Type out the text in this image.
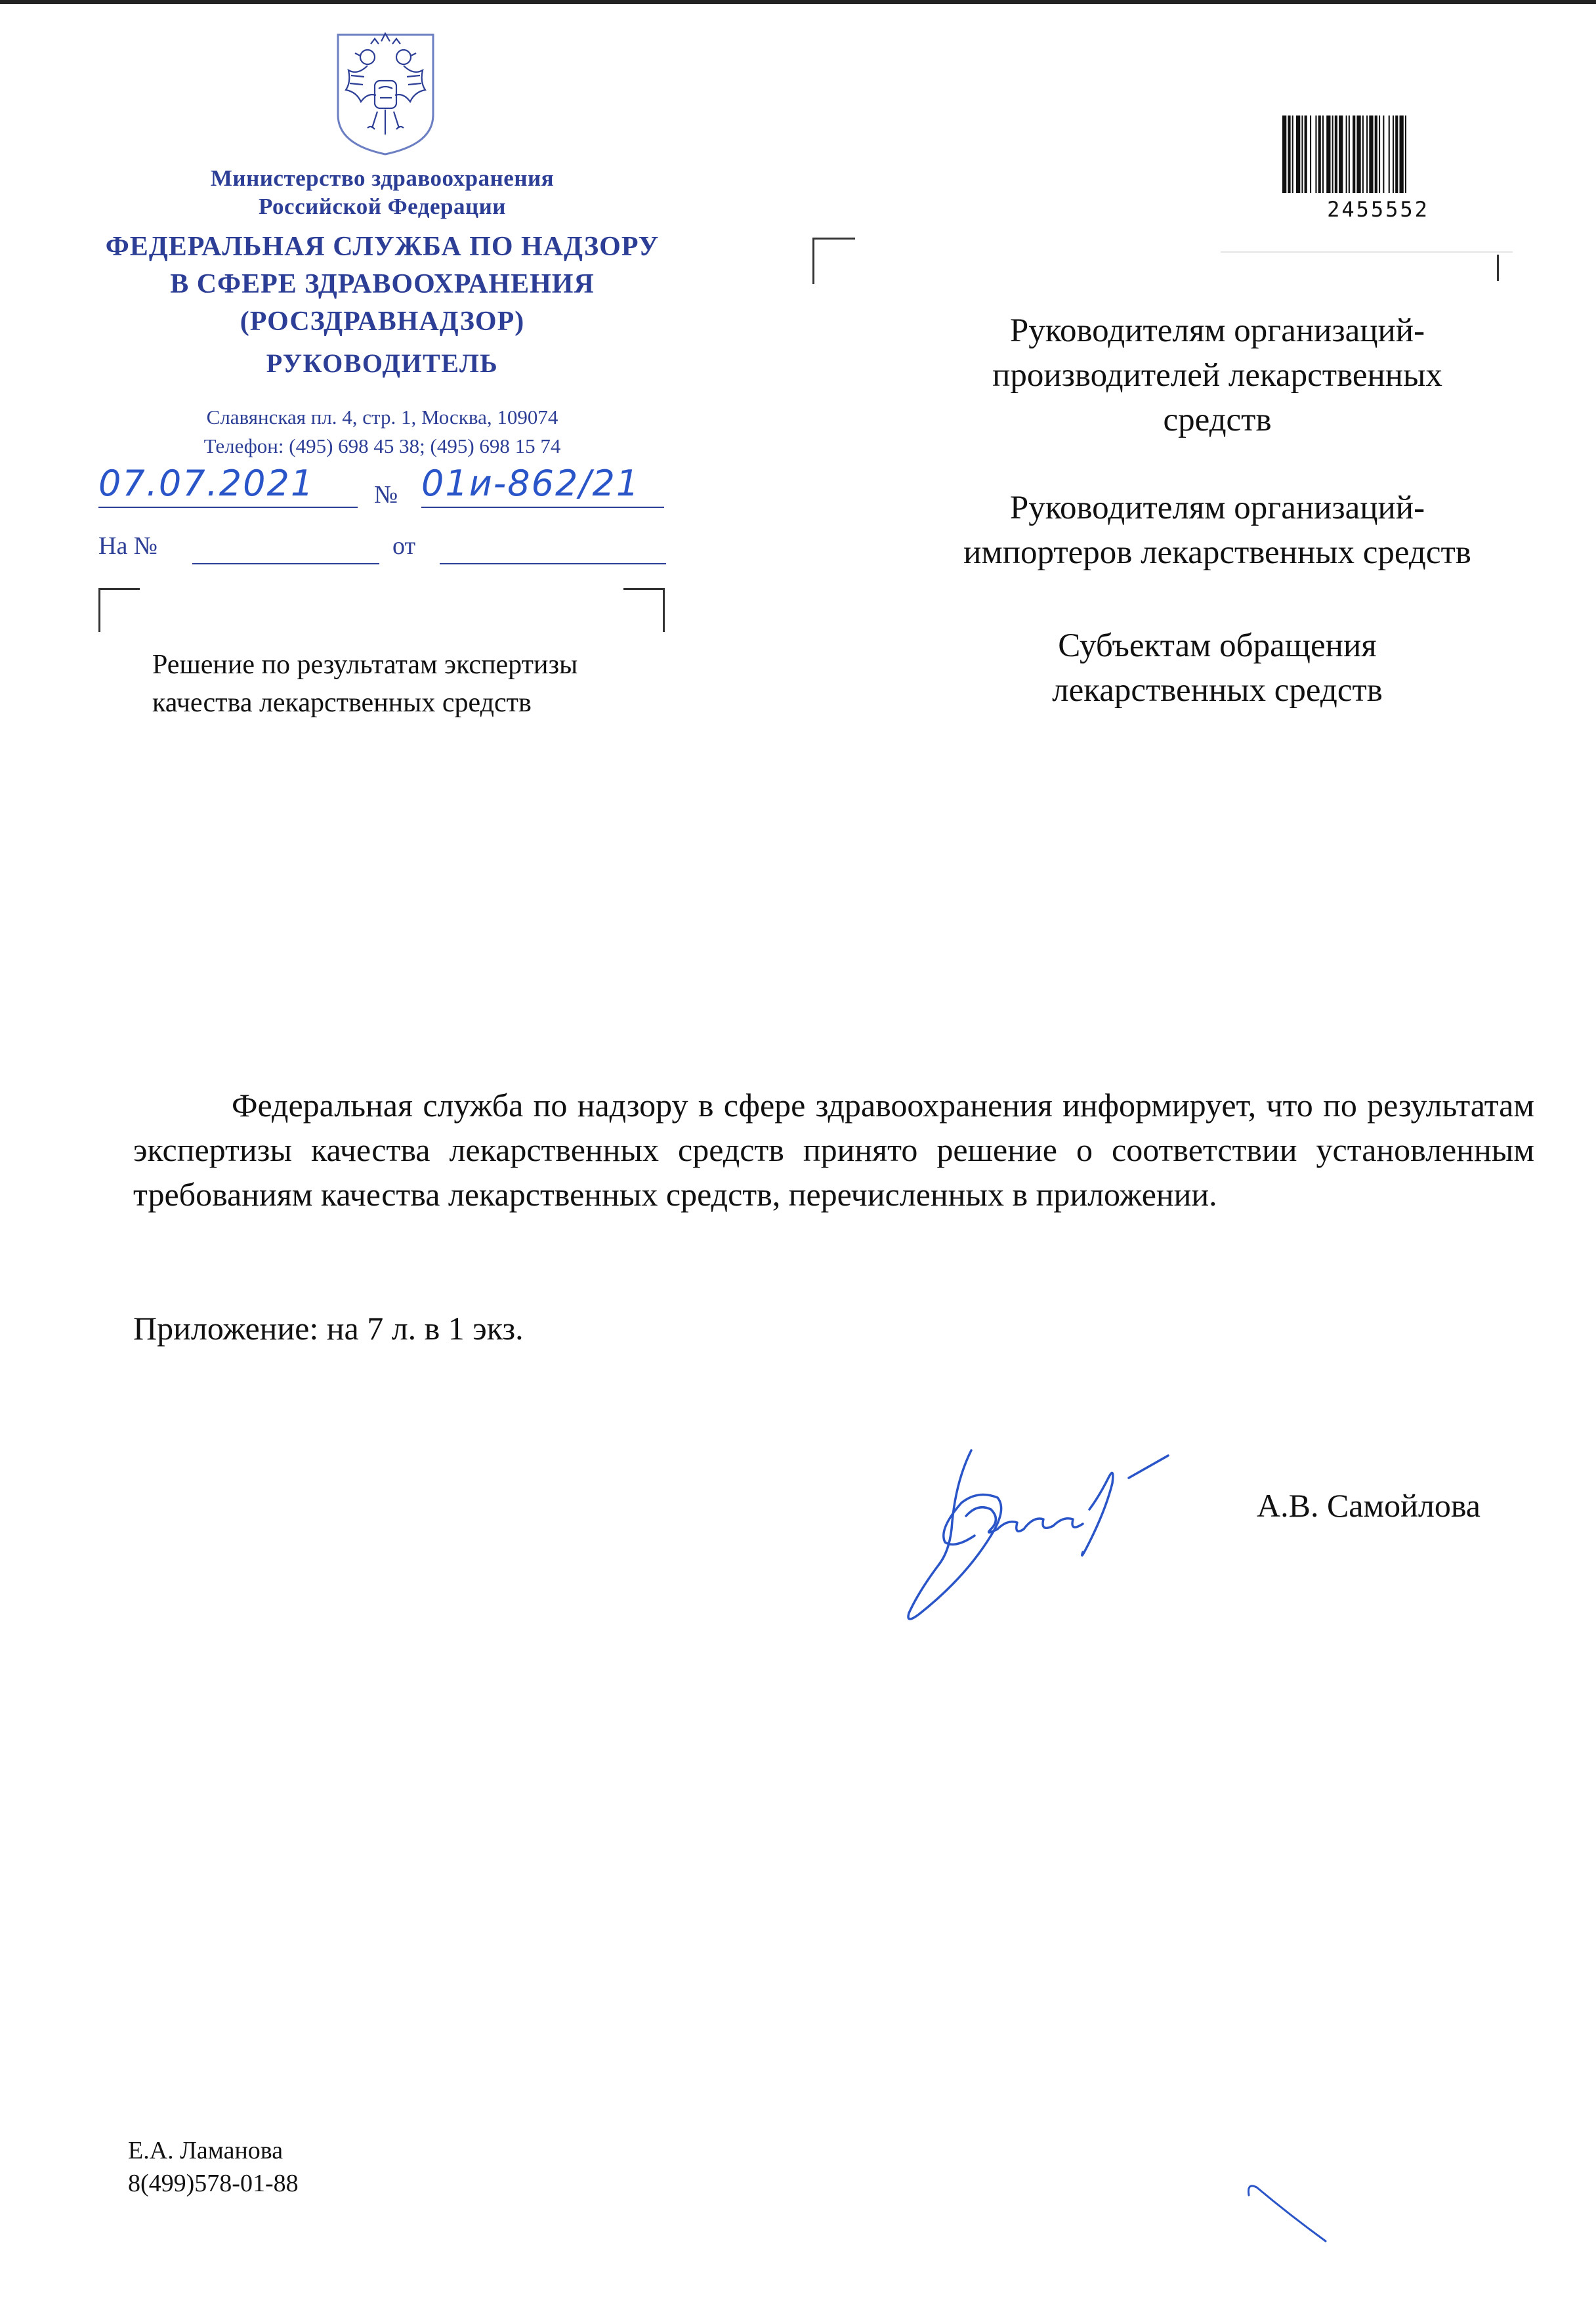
Министерство здравоохранения
Российской Федерации
ФЕДЕРАЛЬНАЯ СЛУЖБА ПО НАДЗОРУ
В СФЕРЕ ЗДРАВООХРАНЕНИЯ
(РОСЗДРАВНАДЗОР)
РУКОВОДИТЕЛЬ
Славянская пл. 4, стр. 1, Москва, 109074
Телефон: (495) 698 45 38; (495) 698 15 74
07.07.2021	№ 01и-862/21
На №	от
2455552
Руководителям организаций-
производителей лекарственных
средств
Руководителям организаций-
импортеров лекарственных средств
Субъектам обращения
лекарственных средств
Решение по результатам экспертизы
качества лекарственных средств
Федеральная служба по надзору в сфере здравоохранения информирует, что по результатам экспертизы качества лекарственных средств принято решение о соответствии установленным требованиям качества лекарственных средств, перечисленных в приложении.
Приложение: на 7 л. в 1 экз.
А.В. Самойлова
Е.А. Ламанова
8(499)578-01-88
